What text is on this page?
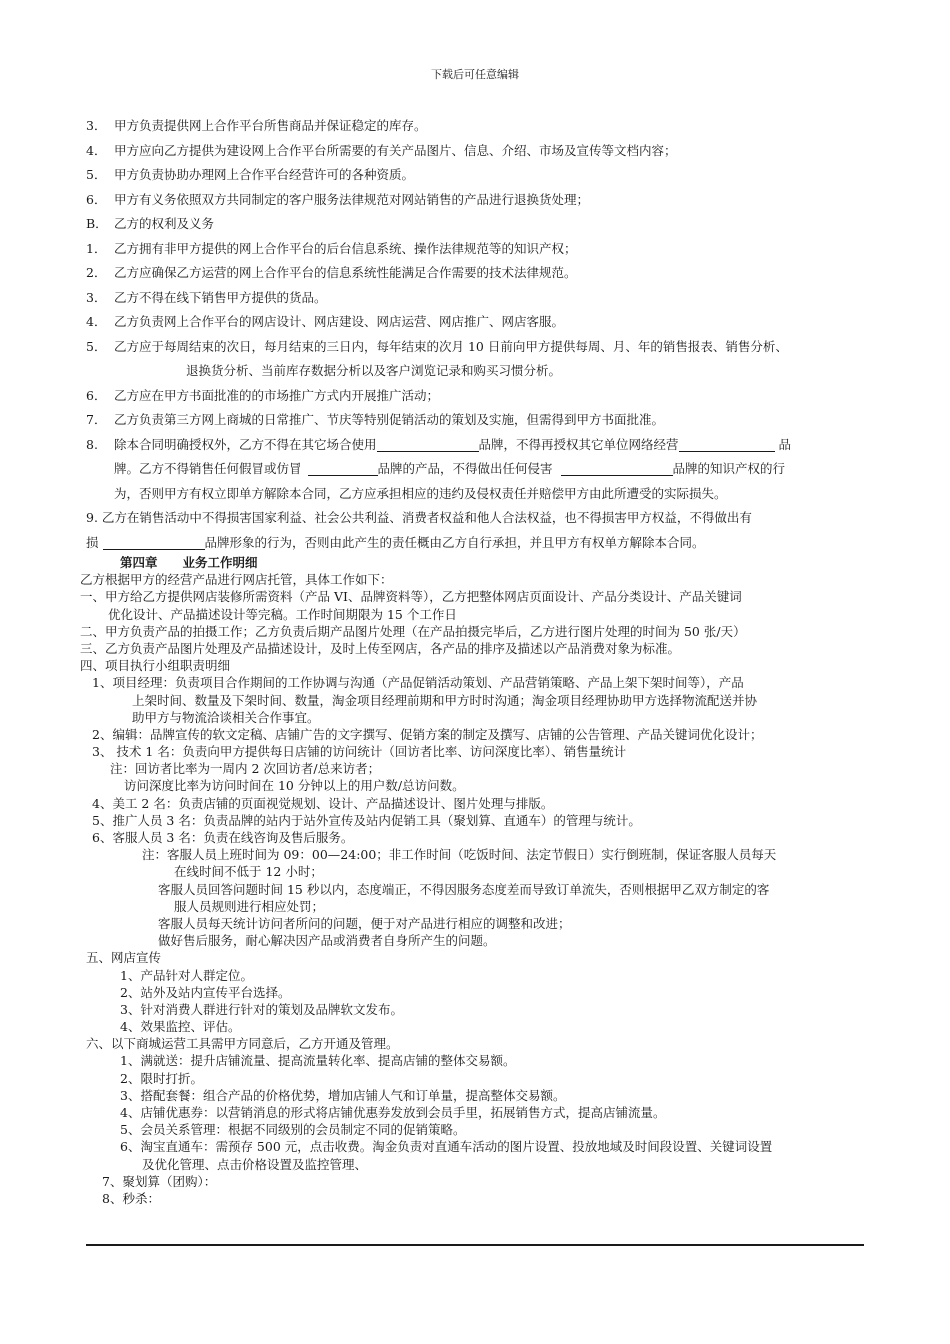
下载后可任意编辑
3． 甲方负责提供网上合作平台所售商品并保证稳定的库存。
4． 甲方应向乙方提供为建设网上合作平台所需要的有关产品图片、信息、介绍、市场及宣传等文档内容；
5． 甲方负责协助办理网上合作平台经营许可的各种资质。
6． 甲方有义务依照双方共同制定的客户服务法律规范对网站销售的产品进行退换货处理；
B． 乙方的权利及义务
1． 乙方拥有非甲方提供的网上合作平台的后台信息系统、操作法律规范等的知识产权；
2． 乙方应确保乙方运营的网上合作平台的信息系统性能满足合作需要的技术法律规范。
3． 乙方不得在线下销售甲方提供的货品。
4． 乙方负责网上合作平台的网店设计、网店建设、网店运营、网店推广、网店客服。
5． 乙方应于每周结束的次日，每月结束的三日内，每年结束的次月 10 日前向甲方提供每周、月、年的销售报表、销售分析、
退换货分析、当前库存数据分析以及客户浏览记录和购买习惯分析。
6． 乙方应在甲方书面批准的的市场推广方式内开展推广活动；
7． 乙方负责第三方网上商城的日常推广、节庆等特别促销活动的策划及实施，但需得到甲方书面批准。
8. 除本合同明确授权外，乙方不得在其它场合使用	品牌，不得再授权其它单位网络经营	品
牌。乙方不得销售任何假冒或仿冒	品牌的产品，不得做出任何侵害	品牌的知识产权的行
为，否则甲方有权立即单方解除本合同，乙方应承担相应的违约及侵权责任并赔偿甲方由此所遭受的实际损失。
9. 乙方在销售活动中不得损害国家利益、社会公共利益、消费者权益和他人合法权益，也不得损害甲方权益，不得做出有
损	品牌形象的行为，否则由此产生的责任概由乙方自行承担，并且甲方有权单方解除本合同。
第四章　　业务工作明细
乙方根据甲方的经营产品进行网店托管，具体工作如下：
一、甲方给乙方提供网店装修所需资料（产品 VI、品牌资料等），乙方把整体网店页面设计、产品分类设计、产品关键词
优化设计、产品描述设计等完稿。工作时间期限为 15 个工作日
二、甲方负责产品的拍摄工作；乙方负责后期产品图片处理（在产品拍摄完毕后，乙方进行图片处理的时间为 50 张/天）
三、乙方负责产品图片处理及产品描述设计，及时上传至网店，各产品的排序及描述以产品消费对象为标准。
四、项目执行小组职责明细
1、项目经理：负责项目合作期间的工作协调与沟通（产品促销活动策划、产品营销策略、产品上架下架时间等），产品
上架时间、数量及下架时间、数量，淘金项目经理前期和甲方时时沟通；淘金项目经理协助甲方选择物流配送并协
助甲方与物流洽谈相关合作事宜。
2、编辑：品牌宣传的软文定稿、店铺广告的文字撰写、促销方案的制定及撰写、店铺的公告管理、产品关键词优化设计；
3、 技术 1 名：负责向甲方提供每日店铺的访问统计（回访者比率、访问深度比率）、销售量统计
注：回访者比率为一周内 2 次回访者/总来访者；
访问深度比率为访问时间在 10 分钟以上的用户数/总访问数。
4、美工 2 名：负责店铺的页面视觉规划、设计、产品描述设计、图片处理与排版。
5、推广人员 3 名：负责品牌的站内于站外宣传及站内促销工具（聚划算、直通车）的管理与统计。
6、客服人员 3 名：负责在线咨询及售后服务。
注：客服人员上班时间为 09：00—24:00；非工作时间（吃饭时间、法定节假日）实行倒班制，保证客服人员每天
在线时间不低于 12 小时；
客服人员回答问题时间 15 秒以内，态度端正，不得因服务态度差而导致订单流失，否则根据甲乙双方制定的客
服人员规则进行相应处罚；
客服人员每天统计访问者所问的问题，便于对产品进行相应的调整和改进；
做好售后服务，耐心解决因产品或消费者自身所产生的问题。
五、网店宣传
1、产品针对人群定位。
2、站外及站内宣传平台选择。
3、针对消费人群进行针对的策划及品牌软文发布。
4、效果监控、评估。
六、以下商城运营工具需甲方同意后，乙方开通及管理。
1、满就送：提升店铺流量、提高流量转化率、提高店铺的整体交易额。
2、限时打折。
3、搭配套餐：组合产品的价格优势，增加店铺人气和订单量，提高整体交易额。
4、店铺优惠券：以营销消息的形式将店铺优惠券发放到会员手里，拓展销售方式，提高店铺流量。
5、会员关系管理：根据不同级别的会员制定不同的促销策略。
6、淘宝直通车：需预存 500 元，点击收费。淘金负责对直通车活动的图片设置、投放地域及时间段设置、关键词设置
及优化管理、点击价格设置及监控管理、
7、聚划算（团购）：
8、秒杀：
